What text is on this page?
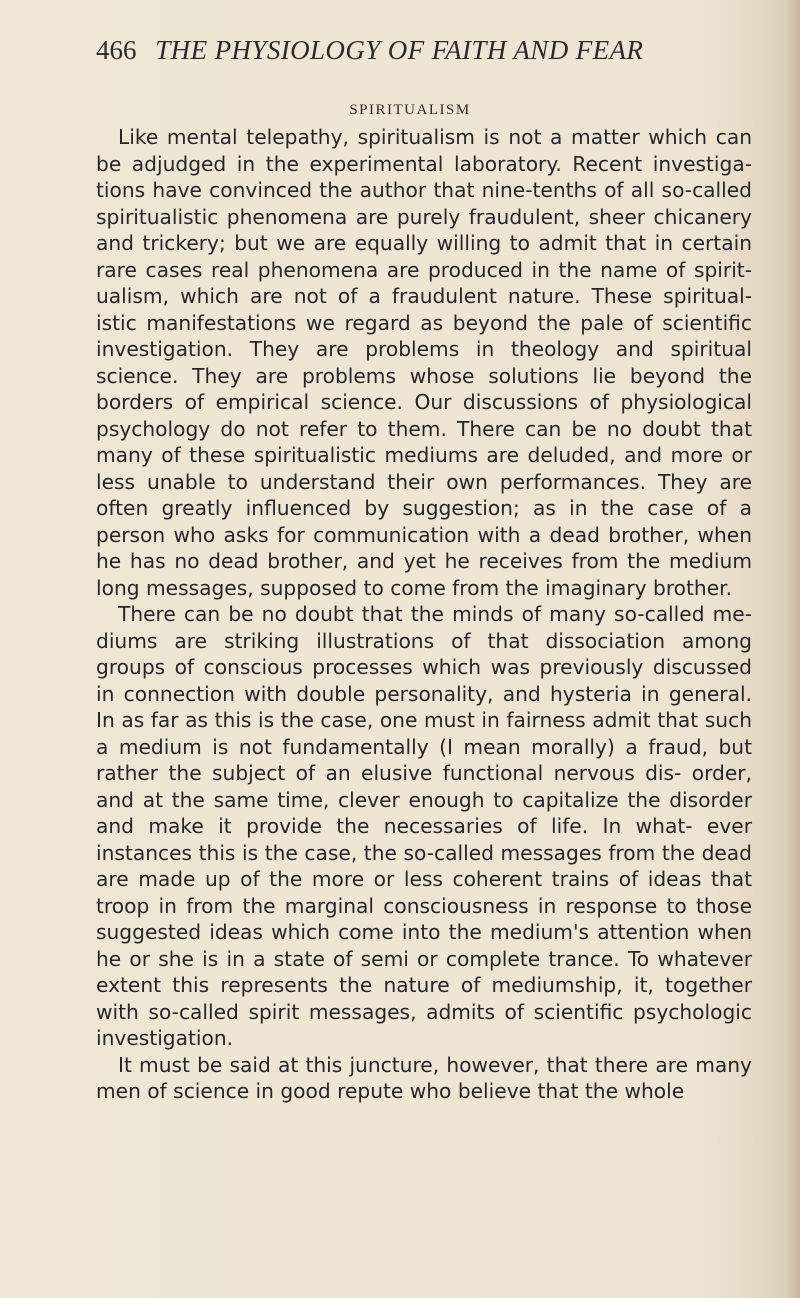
466 THE PHYSIOLOGY OF FAITH AND FEAR
SPIRITUALISM

Like mental telepathy, spiritualism is not a matter which can be adjudged in the experimental laboratory. Recent investiga- tions have convinced the author that nine-tenths of all so-called spiritualistic phenomena are purely fraudulent, sheer chicanery and trickery; but we are equally willing to admit that in certain rare cases real phenomena are produced in the name of spirit- ualism, which are not of a fraudulent nature. These spiritual- istic manifestations we regard as beyond the pale of scientific investigation. They are problems in theology and spiritual science. They are problems whose solutions lie beyond the borders of empirical science. Our discussions of physiological psychology do not refer to them. There can be no doubt that many of these spiritualistic mediums are deluded, and more or less unable to understand their own performances. They are often greatly influenced by suggestion; as in the case of a person who asks for communication with a dead brother, when he has no dead brother, and yet he receives from the medium long messages, supposed to come from the imaginary brother.

There can be no doubt that the minds of many so-called me- diums are striking illustrations of that dissociation among groups of conscious processes which was previously discussed in connection with double personality, and hysteria in general. In as far as this is the case, one must in fairness admit that such a medium is not fundamentally (I mean morally) a fraud, but rather the subject of an elusive functional nervous dis- order, and at the same time, clever enough to capitalize the disorder and make it provide the necessaries of life. In what- ever instances this is the case, the so-called messages from the dead are made up of the more or less coherent trains of ideas that troop in from the marginal consciousness in response to those suggested ideas which come into the medium's attention when he or she is in a state of semi or complete trance. To whatever extent this represents the nature of mediumship, it, together with so-called spirit messages, admits of scientific psychologic investigation.

It must be said at this juncture, however, that there are many men of science in good repute who believe that the whole
